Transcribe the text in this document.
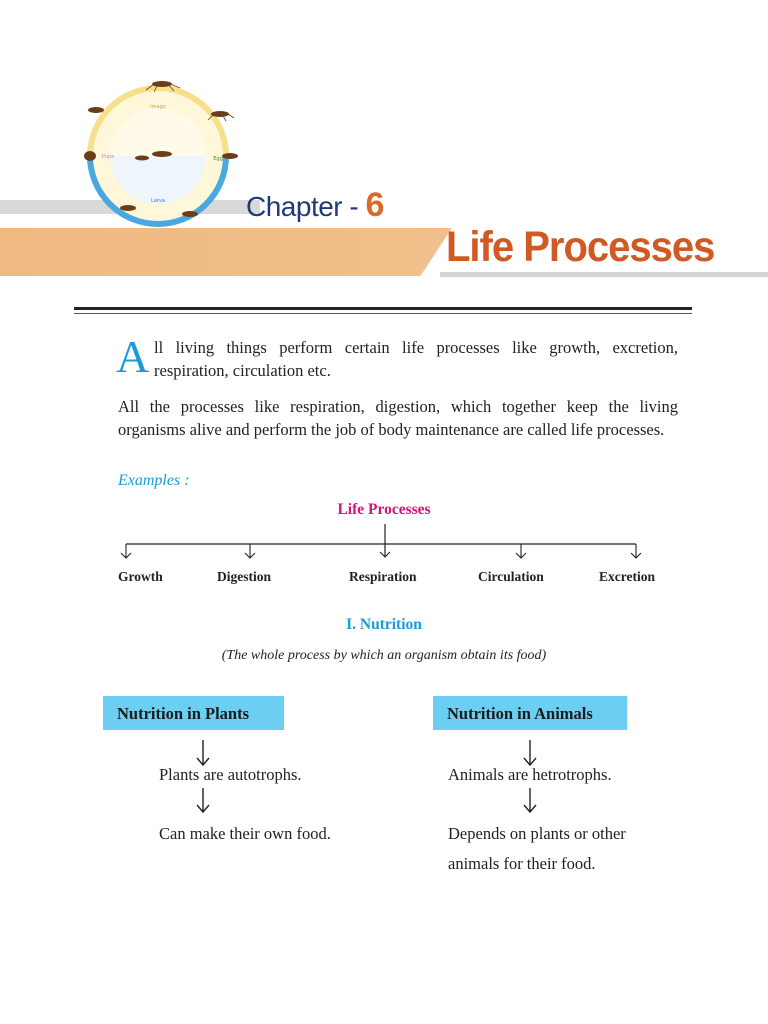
Imago
Egg
Larva
Pupa
Chapter - 6
Life Processes
A ll living things perform certain life processes like growth, excretion,
respiration, circulation etc.
All the processes like respiration, digestion, which together keep the living organisms alive and perform the job of body maintenance are called life processes.
Examples :
Life Processes
Growth	Digestion	Respiration	Circulation	Excretion
I. Nutrition
(The whole process by which an organism obtain its food)
Nutrition in Plants	Nutrition in Animals
Plants are autotrophs.
Can make their own food.
Animals are hetrotrophs.
Depends on plants or other
animals for their food.
